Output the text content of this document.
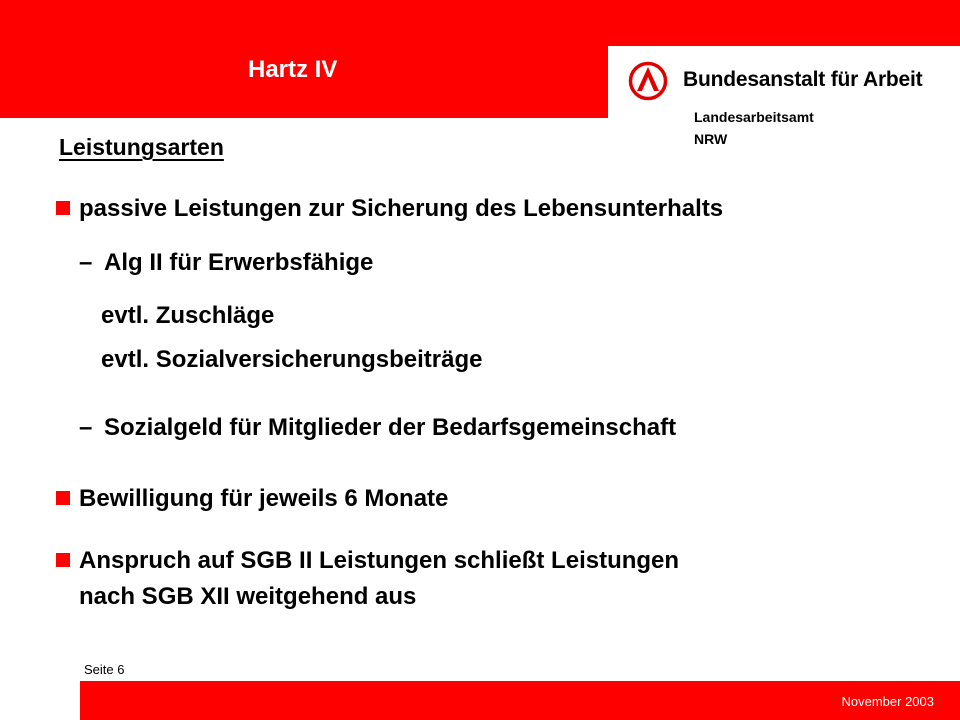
Hartz IV	Bundesanstalt für Arbeit
Landesarbeitsamt
NRW
Leistungsarten
passive Leistungen zur Sicherung des Lebensunterhalts
– Alg II für Erwerbsfähige
evtl. Zuschläge
evtl. Sozialversicherungsbeiträge
– Sozialgeld für Mitglieder der Bedarfsgemeinschaft
Bewilligung für jeweils 6 Monate
Anspruch auf SGB II Leistungen schließt Leistungen
nach SGB XII weitgehend aus
Seite 6
November 2003
